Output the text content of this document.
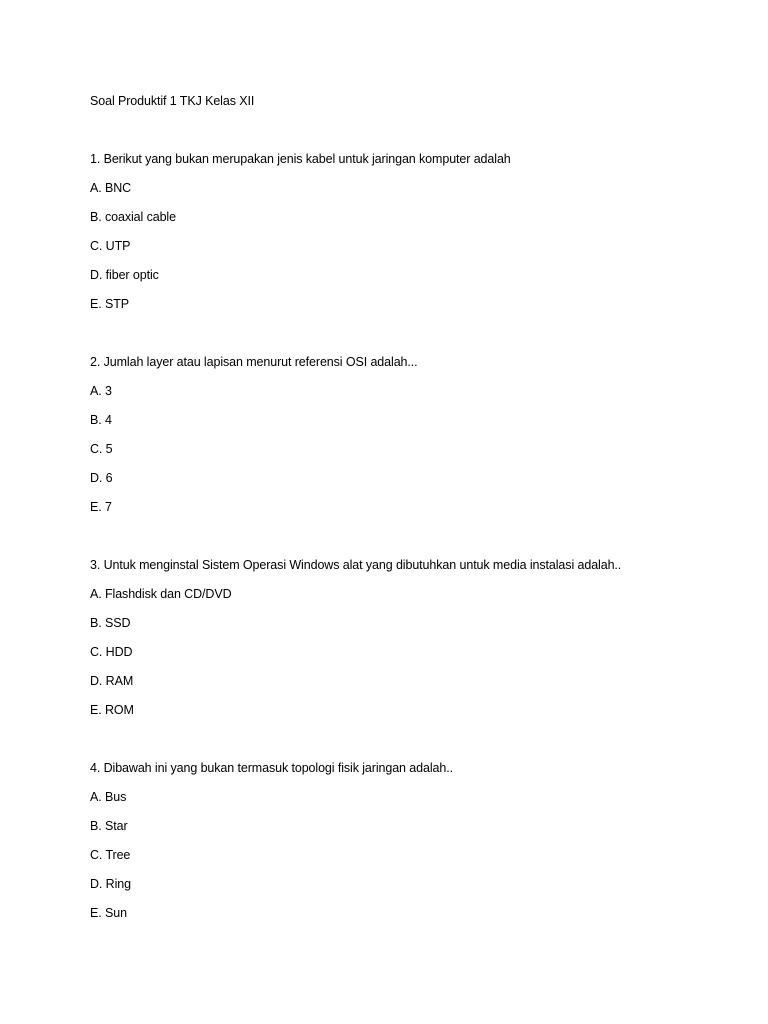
Soal Produktif 1 TKJ Kelas XII
1. Berikut yang bukan merupakan jenis kabel untuk jaringan komputer adalah
A. BNC
B. coaxial cable
C. UTP
D. fiber optic
E. STP
2. Jumlah layer atau lapisan menurut referensi OSI adalah...
A. 3
B. 4
C. 5
D. 6
E. 7
3. Untuk menginstal Sistem Operasi Windows alat yang dibutuhkan untuk media instalasi adalah..
A. Flashdisk dan CD/DVD
B. SSD
C. HDD
D. RAM
E. ROM
4. Dibawah ini yang bukan termasuk topologi fisik jaringan adalah..
A. Bus
B. Star
C. Tree
D. Ring
E. Sun
